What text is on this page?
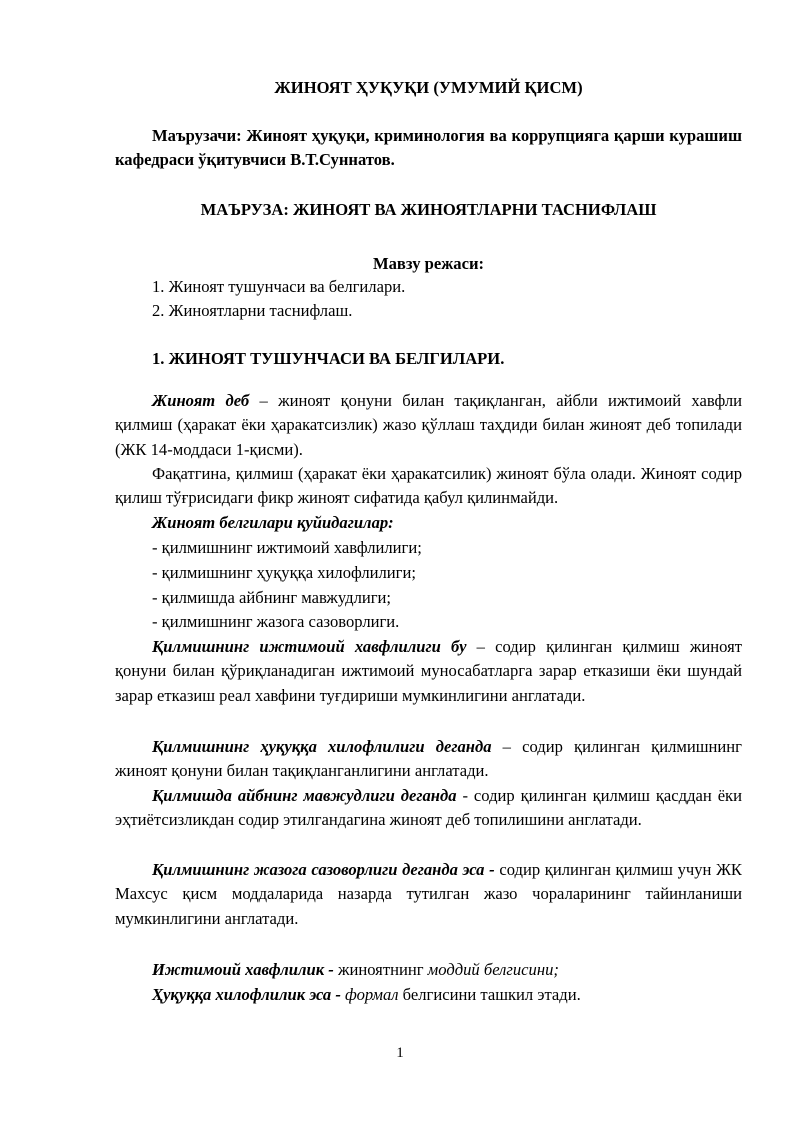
ЖИНОЯТ ҲУҚУҚИ (УМУМИЙ ҚИСМ)
Маърузачи: Жиноят ҳуқуқи, криминология ва коррупцияга қарши курашиш кафедраси ўқитувчиси В.Т.Суннатов.
МАЪРУЗА: ЖИНОЯТ ВА ЖИНОЯТЛАРНИ ТАСНИФЛАШ
Мавзу режаси:
1. Жиноят тушунчаси ва белгилари.
2. Жиноятларни таснифлаш.
1. ЖИНОЯТ ТУШУНЧАСИ ВА БЕЛГИЛАРИ.
Жиноят деб – жиноят қонуни билан тақиқланган, айбли ижтимоий хавфли қилмиш (ҳаракат ёки ҳаракатсизлик) жазо қўллаш таҳдиди билан жиноят деб топилади (ЖК 14-моддаси 1-қисми).
Фақатгина, қилмиш (ҳаракат ёки ҳаракатсилик) жиноят бўла олади. Жиноят содир қилиш тўғрисидаги фикр жиноят сифатида қабул қилинмайди.
Жиноят белгилари қуйидагилар:
- қилмишнинг ижтимоий хавфлилиги;
- қилмишнинг ҳуқуққа хилофлилиги;
- қилмишда айбнинг мавжудлиги;
- қилмишнинг жазога сазоворлиги.
Қилмишнинг ижтимоий хавфлилиги бу – содир қилинган қилмиш жиноят қонуни билан қўриқланадиган ижтимоий муносабатларга зарар етказиши ёки шундай зарар етказиш реал хавфини туғдириши мумкинлигини англатади.
Қилмишнинг ҳуқуққа хилофлилиги деганда – содир қилинган қилмишнинг жиноят қонуни билан тақиқланганлигини англатади.
Қилмишда айбнинг мавжудлиги деганда - содир қилинган қилмиш қасддан ёки эҳтиётсизликдан содир этилгандагина жиноят деб топилишини англатади.
Қилмишнинг жазога сазоворлиги деганда эса - содир қилинган қилмиш учун ЖК Махсус қисм моддаларида назарда тутилган жазо чораларининг тайинланиши мумкинлигини англатади.
Ижтимоий хавфлилик - жиноятнинг моддий белгисини;
Ҳуқуққа хилофлилик эса - формал белгисини ташкил этади.
1
